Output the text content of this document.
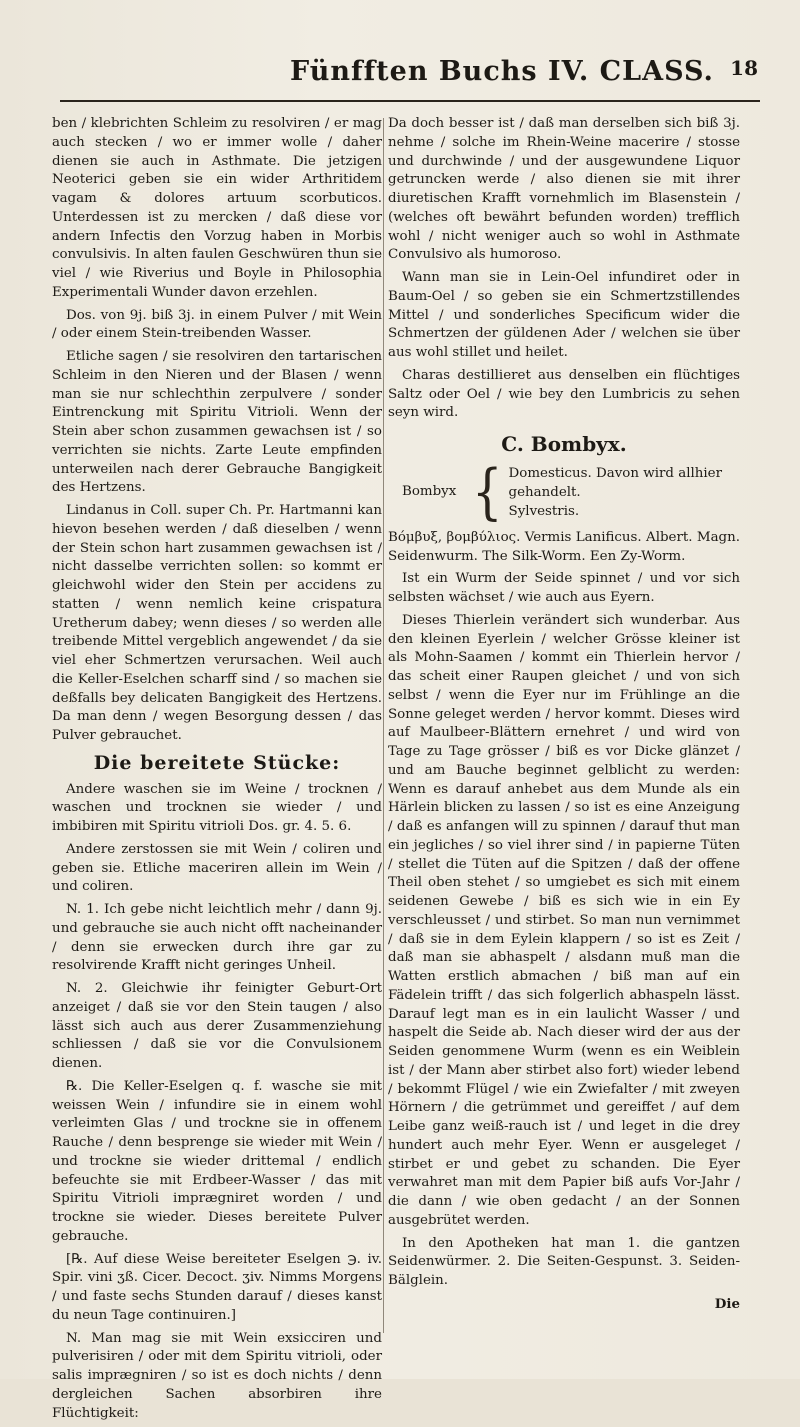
Fünfften Buchs IV. CLASS. 18

ben / klebrichten Schleim zu resolviren / er mag auch stecken / wo er immer wolle / daher dienen sie auch in Asthmate. Die jetzigen Neoterici geben sie ein wider Arthritidem vagam & dolores artuum scorbuticos. Unterdessen ist zu mercken / daß diese vor andern Infectis den Vorzug haben in Morbis convulsivis. In alten faulen Geschwüren thun sie viel / wie Riverius und Boyle in Philosophia Experimentali Wunder davon erzehlen.

Dos. von 9j. biß 3j. in einem Pulver / mit Wein / oder einem Stein-treibenden Wasser.

Etliche sagen / sie resolviren den tartarischen Schleim in den Nieren und der Blasen / wenn man sie nur schlechthin zerpulvere / sonder Eintrenckung mit Spiritu Vitrioli. Wenn der Stein aber schon zusammen gewachsen ist / so verrichten sie nichts. Zarte Leute empfinden unterweilen nach derer Gebrauche Bangigkeit des Hertzens.

Lindanus in Coll. super Ch. Pr. Hartmanni kan hievon besehen werden / daß dieselben / wenn der Stein schon hart zusammen gewachsen ist / nicht dasselbe verrichten sollen: so kommt er gleichwohl wider den Stein per accidens zu statten / wenn nemlich keine crispatura Uretherum dabey; wenn dieses / so werden alle treibende Mittel vergeblich angewendet / da sie viel eher Schmertzen verursachen. Weil auch die Keller-Eselchen scharff sind / so machen sie deßfalls bey delicaten Bangigkeit des Hertzens. Da man denn / wegen Besorgung dessen / das Pulver gebrauchet.

Die bereitete Stücke:

Andere waschen sie im Weine / trocknen / waschen und trocknen sie wieder / und imbibiren mit Spiritu vitrioli Dos. gr. 4. 5. 6.

Andere zerstossen sie mit Wein / coliren und geben sie. Etliche maceriren allein im Wein / und coliren.

N. 1. Ich gebe nicht leichtlich mehr / dann 9j. und gebrauche sie auch nicht offt nacheinander / denn sie erwecken durch ihre gar zu resolvirende Krafft nicht geringes Unheil.

N. 2. Gleichwie ihr feinigter Geburt-Ort anzeiget / daß sie vor den Stein taugen / also lässt sich auch aus derer Zusammenziehung schliessen / daß sie vor die Convulsionem dienen.

℞. Die Keller-Eselgen q. f. wasche sie mit weissen Wein / infundire sie in einem wohl verleimten Glas / und trockne sie in offenem Rauche / denn besprenge sie wieder mit Wein / und trockne sie wieder drittemal / endlich befeuchte sie mit Erdbeer-Wasser / das mit Spiritu Vitrioli imprægniret worden / und trockne sie wieder. Dieses bereitete Pulver gebrauche.

[℞. Auf diese Weise bereiteter Eselgen ℈. iv. Spir. vini ʒß. Cicer. Decoct. ʒiv. Nimms Morgens / und faste sechs Stunden darauf / dieses kanst du neun Tage continuiren.]

N. Man mag sie mit Wein exsicciren und pulverisiren / oder mit dem Spiritu vitrioli, oder salis imprægniren / so ist es doch nichts / denn dergleichen Sachen absorbiren ihre Flüchtigkeit:

Da doch besser ist / daß man derselben sich biß 3j. nehme / solche im Rhein-Weine macerire / stosse und durchwinde / und der ausgewundene Liquor getruncken werde / also dienen sie mit ihrer diuretischen Krafft vornehmlich im Blasenstein / (welches oft bewährt befunden worden) trefflich wohl / nicht weniger auch so wohl in Asthmate Convulsivo als humoroso.

Wann man sie in Lein-Oel infundiret oder in Baum-Oel / so geben sie ein Schmertzstillendes Mittel / und sonderliches Specificum wider die Schmertzen der güldenen Ader / welchen sie über aus wohl stillet und heilet.

Charas destillieret aus denselben ein flüchtiges Saltz oder Oel / wie bey den Lumbricis zu sehen seyn wird.

C. Bombyx.
Bombyx { Domesticus. Davon wird allhier
gehandelt.
Sylvestris.

Βόμβυξ, βομβύλιος. Vermis Lanificus. Albert. Magn. Seidenwurm. The Silk-Worm. Een Zy-Worm.

Ist ein Wurm der Seide spinnet / und vor sich selbsten wächset / wie auch aus Eyern.

Dieses Thierlein verändert sich wunderbar. Aus den kleinen Eyerlein / welcher Grösse kleiner ist als Mohn-Saamen / kommt ein Thierlein hervor / das scheit einer Raupen gleichet / und von sich selbst / wenn die Eyer nur im Frühlinge an die Sonne geleget werden / hervor kommt. Dieses wird auf Maulbeer-Blättern ernehret / und wird von Tage zu Tage grösser / biß es vor Dicke glänzet / und am Bauche beginnet gelblicht zu werden: Wenn es darauf anhebet aus dem Munde als ein Härlein blicken zu lassen / so ist es eine Anzeigung / daß es anfangen will zu spinnen / darauf thut man ein jegliches / so viel ihrer sind / in papierne Tüten / stellet die Tüten auf die Spitzen / daß der offene Theil oben stehet / so umgiebet es sich mit einem seidenen Gewebe / biß es sich wie in ein Ey verschleusset / und stirbet. So man nun vernimmet / daß sie in dem Eylein klappern / so ist es Zeit / daß man sie abhaspelt / alsdann muß man die Watten erstlich abmachen / biß man auf ein Fädelein trifft / das sich folgerlich abhaspeln lässt. Darauf legt man es in ein laulicht Wasser / und haspelt die Seide ab. Nach dieser wird der aus der Seiden genommene Wurm (wenn es ein Weiblein ist / der Mann aber stirbet also fort) wieder lebend / bekommt Flügel / wie ein Zwiefalter / mit zweyen Hörnern / die getrümmet und gereiffet / auf dem Leibe ganz weiß-rauch ist / und leget in die drey hundert auch mehr Eyer. Wenn er ausgeleget / stirbet er und gebet zu schanden. Die Eyer verwahret man mit dem Papier biß aufs Vor-Jahr / die dann / wie oben gedacht / an der Sonnen ausgebrütet werden.

In den Apotheken hat man 1. die gantzen Seidenwürmer. 2. Die Seiten-Gespunst. 3. Seiden-Bälglein.

Die
